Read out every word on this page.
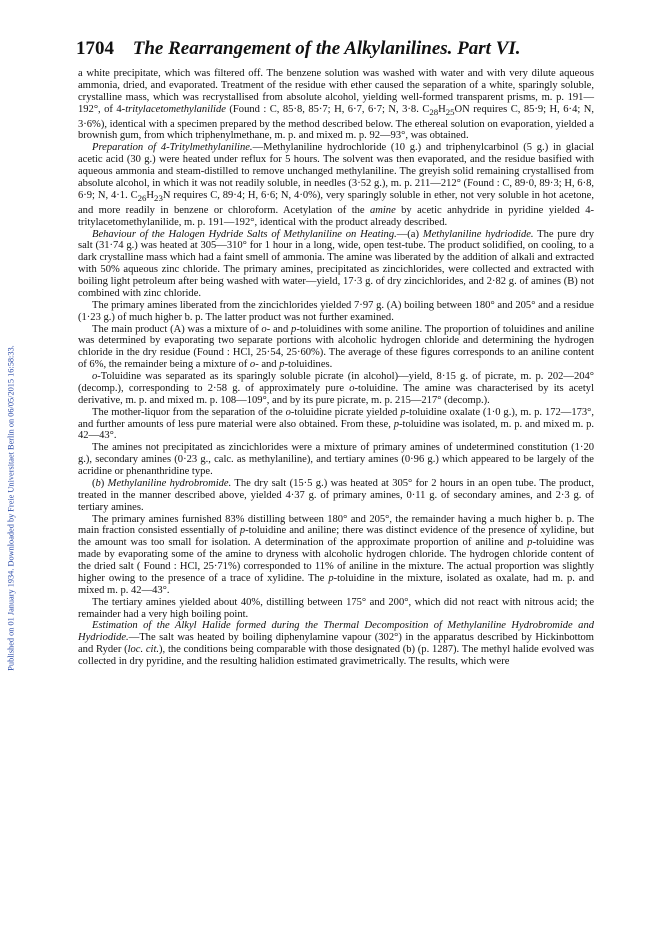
1704 The Rearrangement of the Alkylanilines. Part VI.
Published on 01 January 1934. Downloaded by Freie Universitaet Berlin on 06/05/2015 16:58:33.

a white precipitate, which was filtered off. The benzene solution was washed with water and with very dilute aqueous ammonia, dried, and evaporated. Treatment of the residue with ether caused the separation of a white, sparingly soluble, crystalline mass, which was recrystallised from absolute alcohol, yielding well-formed transparent prisms, m. p. 191—192°, of 4-tritylacetomethylanilide (Found : C, 85·8, 85·7; H, 6·7, 6·7; N, 3·8. $C_{28}H_{25}ON$ requires C, 85·9; H, 6·4; N, 3·6%), identical with a specimen prepared by the method described below. The ethereal solution on evaporation, yielded a brownish gum, from which triphenylmethane, m. p. and mixed m. p. 92—93°, was obtained.

Preparation of 4-Tritylmethylaniline.—Methylaniline hydrochloride (10 g.) and triphenylcarbinol (5 g.) in glacial acetic acid (30 g.) were heated under reflux for 5 hours. The solvent was then evaporated, and the residue basified with aqueous ammonia and steam-distilled to remove unchanged methylaniline. The greyish solid remaining crystallised from absolute alcohol, in which it was not readily soluble, in needles (3·52 g.), m. p. 211—212° (Found : C, 89·0, 89·3; H, 6·8, 6·9; N, 4·1. $C_{26}H_{23}N$ requires C, 89·4; H, 6·6; N, 4·0%), very sparingly soluble in ether, not very soluble in hot acetone, and more readily in benzene or chloroform. Acetylation of the amine by acetic anhydride in pyridine yielded 4-tritylacetomethylanilide, m. p. 191—192°, identical with the product already described.

Behaviour of the Halogen Hydride Salts of Methylaniline on Heating.—(a) Methylaniline hydriodide. The pure dry salt (31·74 g.) was heated at 305—310° for 1 hour in a long, wide, open test-tube. The product solidified, on cooling, to a dark crystalline mass which had a faint smell of ammonia. The amine was liberated by the addition of alkali and extracted with 50% aqueous zinc chloride. The primary amines, precipitated as zincichlorides, were collected and extracted with boiling light petroleum after being washed with water—yield, 17·3 g. of dry zincichlorides, and 2·82 g. of amines (B) not combined with zinc chloride.

The primary amines liberated from the zincichlorides yielded 7·97 g. (A) boiling between 180° and 205° and a residue (1·23 g.) of much higher b. p. The latter product was not further examined.

The main product (A) was a mixture of o- and p-toluidines with some aniline. The proportion of toluidines and aniline was determined by evaporating two separate portions with alcoholic hydrogen chloride and determining the hydrogen chloride in the dry residue (Found : HCl, 25·54, 25·60%). The average of these figures corresponds to an aniline content of 6%, the remainder being a mixture of o- and p-toluidines.

o-Toluidine was separated as its sparingly soluble picrate (in alcohol)—yield, 8·15 g. of picrate, m. p. 202—204° (decomp.), corresponding to 2·58 g. of approximately pure o-toluidine. The amine was characterised by its acetyl derivative, m. p. and mixed m. p. 108—109°, and by its pure picrate, m. p. 215—217° (decomp.).

The mother-liquor from the separation of the o-toluidine picrate yielded p-toluidine oxalate (1·0 g.), m. p. 172—173°, and further amounts of less pure material were also obtained. From these, p-toluidine was isolated, m. p. and mixed m. p. 42—43°.

The amines not precipitated as zincichlorides were a mixture of primary amines of undetermined constitution (1·20 g.), secondary amines (0·23 g., calc. as methylaniline), and tertiary amines (0·96 g.) which appeared to be largely of the acridine or phenanthridine type.

(b) Methylaniline hydrobromide. The dry salt (15·5 g.) was heated at 305° for 2 hours in an open tube. The product, treated in the manner described above, yielded 4·37 g. of primary amines, 0·11 g. of secondary amines, and 2·3 g. of tertiary amines.

The primary amines furnished 83% distilling between 180° and 205°, the remainder having a much higher b. p. The main fraction consisted essentially of p-toluidine and aniline; there was distinct evidence of the presence of xylidine, but the amount was too small for isolation. A determination of the approximate proportion of aniline and p-toluidine was made by evaporating some of the amine to dryness with alcoholic hydrogen chloride. The hydrogen chloride content of the dried salt ( Found : HCl, 25·71%) corresponded to 11% of aniline in the mixture. The actual proportion was slightly higher owing to the presence of a trace of xylidine. The p-toluidine in the mixture, isolated as oxalate, had m. p. and mixed m. p. 42—43°.

The tertiary amines yielded about 40%, distilling between 175° and 200°, which did not react with nitrous acid; the remainder had a very high boiling point.

Estimation of the Alkyl Halide formed during the Thermal Decomposition of Methylaniline Hydrobromide and Hydriodide.—The salt was heated by boiling diphenylamine vapour (302°) in the apparatus described by Hickinbottom and Ryder (loc. cit.), the conditions being comparable with those designated (b) (p. 1287). The methyl halide evolved was collected in dry pyridine, and the resulting halidion estimated gravimetrically. The results, which were
